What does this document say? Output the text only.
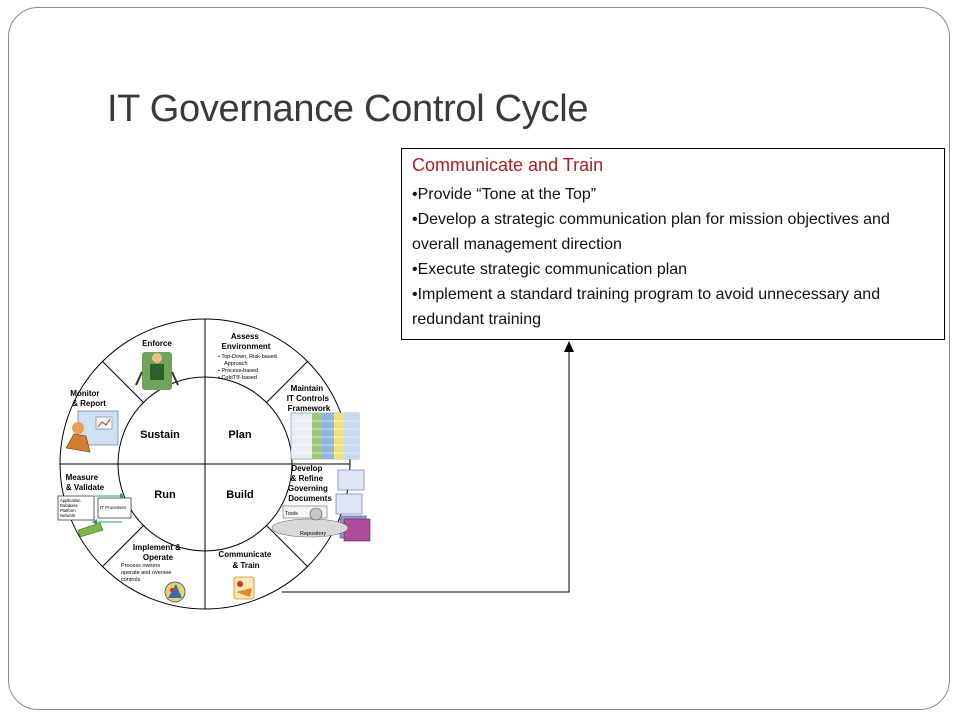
IT Governance Control Cycle
Communicate and Train
•Provide “Tone at the Top”
•Develop a strategic communication plan for mission objectives and overall management direction
•Execute strategic communication plan
•Implement a standard training program to avoid unnecessary and redundant training
Sustain	Plan
Run	Build
Enforce
Assess Environment
• Top-Down, Risk-based Approach • Process-based • CobiT®-based
Maintain IT Controls Framework
Develop & Refine Governing Documents
Tools
Repository
Communicate & Train
Implement & Operate
Process owners operate and oversee controls
Measure & Validate
Application Database Platform Network
IT Processes
Monitor & Report
